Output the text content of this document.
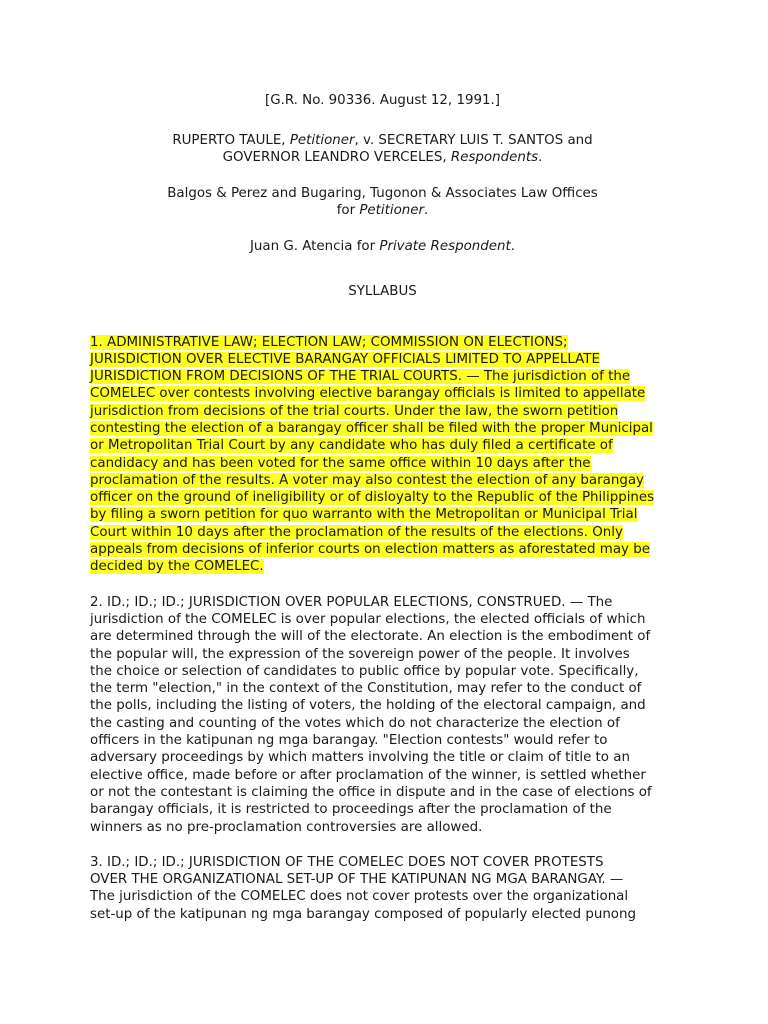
[G.R. No. 90336. August 12, 1991.]
RUPERTO TAULE, Petitioner, v. SECRETARY LUIS T. SANTOS and
GOVERNOR LEANDRO VERCELES, Respondents.
Balgos & Perez and Bugaring, Tugonon & Associates Law Offices
for Petitioner.
Juan G. Atencia for Private Respondent.
SYLLABUS
1. ADMINISTRATIVE LAW; ELECTION LAW; COMMISSION ON ELECTIONS;
JURISDICTION OVER ELECTIVE BARANGAY OFFICIALS LIMITED TO APPELLATE
JURISDICTION FROM DECISIONS OF THE TRIAL COURTS. — The jurisdiction of the
COMELEC over contests involving elective barangay officials is limited to appellate
jurisdiction from decisions of the trial courts. Under the law, the sworn petition
contesting the election of a barangay officer shall be filed with the proper Municipal
or Metropolitan Trial Court by any candidate who has duly filed a certificate of
candidacy and has been voted for the same office within 10 days after the
proclamation of the results. A voter may also contest the election of any barangay
officer on the ground of ineligibility or of disloyalty to the Republic of the Philippines
by filing a sworn petition for quo warranto with the Metropolitan or Municipal Trial
Court within 10 days after the proclamation of the results of the elections. Only
appeals from decisions of inferior courts on election matters as aforestated may be
decided by the COMELEC.
2. ID.; ID.; ID.; JURISDICTION OVER POPULAR ELECTIONS, CONSTRUED. — The
jurisdiction of the COMELEC is over popular elections, the elected officials of which
are determined through the will of the electorate. An election is the embodiment of
the popular will, the expression of the sovereign power of the people. It involves
the choice or selection of candidates to public office by popular vote. Specifically,
the term "election," in the context of the Constitution, may refer to the conduct of
the polls, including the listing of voters, the holding of the electoral campaign, and
the casting and counting of the votes which do not characterize the election of
officers in the katipunan ng mga barangay. "Election contests" would refer to
adversary proceedings by which matters involving the title or claim of title to an
elective office, made before or after proclamation of the winner, is settled whether
or not the contestant is claiming the office in dispute and in the case of elections of
barangay officials, it is restricted to proceedings after the proclamation of the
winners as no pre-proclamation controversies are allowed.
3. ID.; ID.; ID.; JURISDICTION OF THE COMELEC DOES NOT COVER PROTESTS
OVER THE ORGANIZATIONAL SET-UP OF THE KATIPUNAN NG MGA BARANGAY. —
The jurisdiction of the COMELEC does not cover protests over the organizational
set-up of the katipunan ng mga barangay composed of popularly elected punong
